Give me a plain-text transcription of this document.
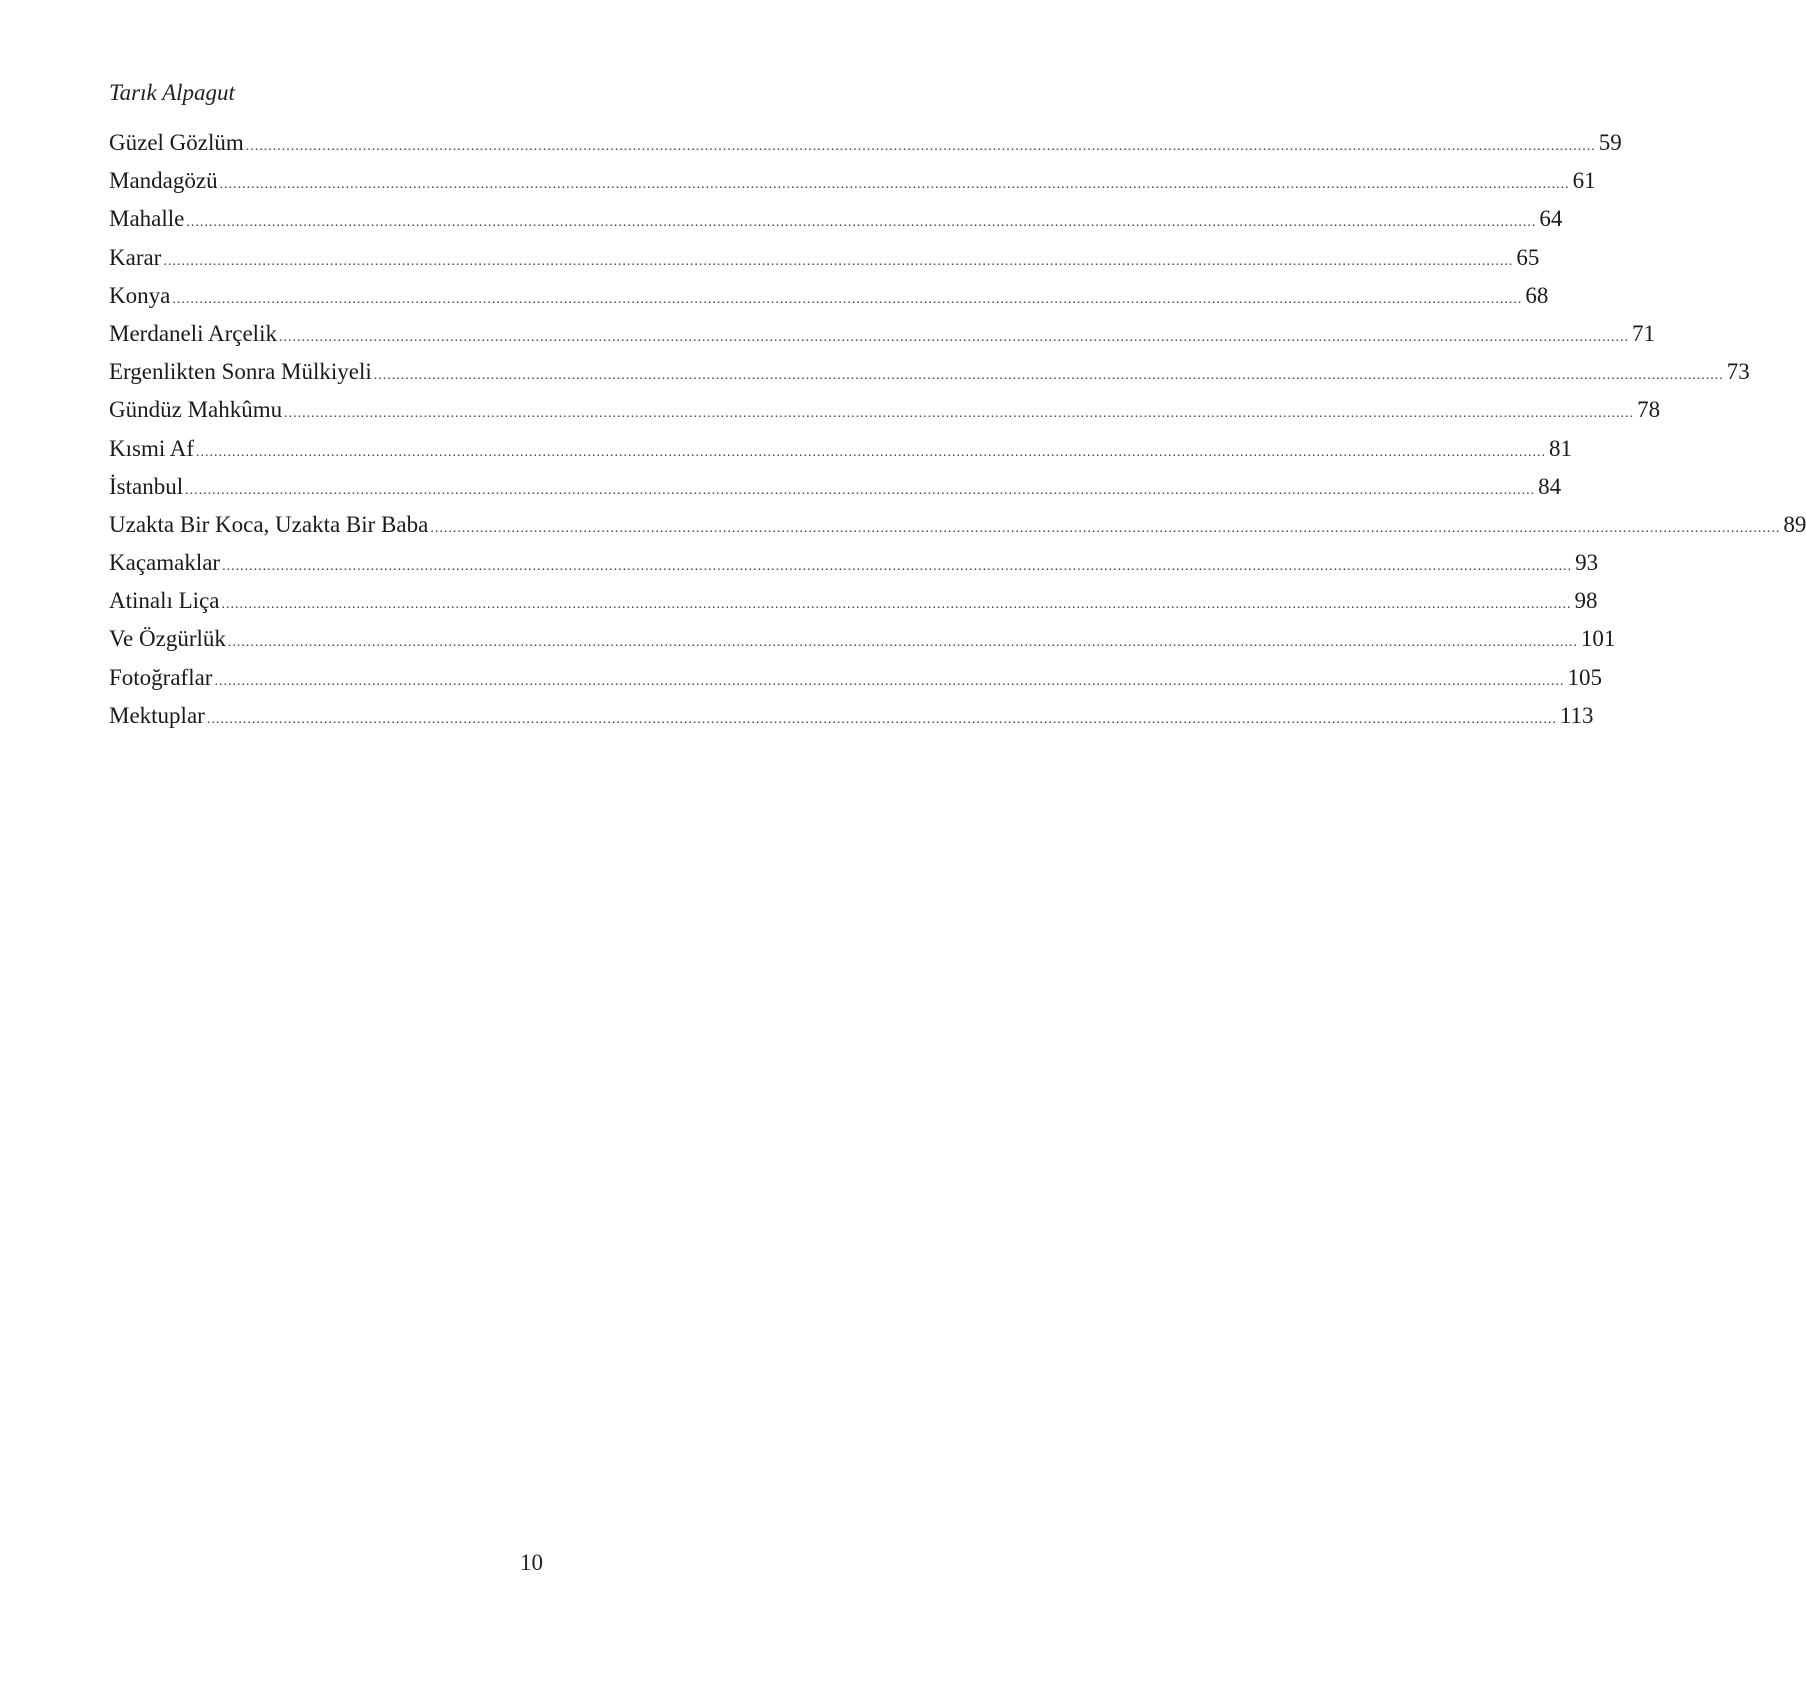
Tarık Alpagut
Güzel Gözlüm ............................................................................................................................................................................................................................................................................................................ 59
Mandagözü ............................................................................................................................................................................................................................................................................................................ 61
Mahalle ............................................................................................................................................................................................................................................................................................................ 64
Karar ............................................................................................................................................................................................................................................................................................................ 65
Konya ............................................................................................................................................................................................................................................................................................................ 68
Merdaneli Arçelik ............................................................................................................................................................................................................................................................................................................ 71
Ergenlikten Sonra Mülkiyeli ............................................................................................................................................................................................................................................................................................................ 73
Gündüz Mahkûmu ............................................................................................................................................................................................................................................................................................................ 78
Kısmi Af ............................................................................................................................................................................................................................................................................................................ 81
İstanbul ............................................................................................................................................................................................................................................................................................................ 84
Uzakta Bir Koca, Uzakta Bir Baba ............................................................................................................................................................................................................................................................................................................ 89
Kaçamaklar ............................................................................................................................................................................................................................................................................................................ 93
Atinalı Liça ............................................................................................................................................................................................................................................................................................................ 98
Ve Özgürlük ............................................................................................................................................................................................................................................................................................................ 101
Fotoğraflar ............................................................................................................................................................................................................................................................................................................ 105
Mektuplar ............................................................................................................................................................................................................................................................................................................ 113
10
